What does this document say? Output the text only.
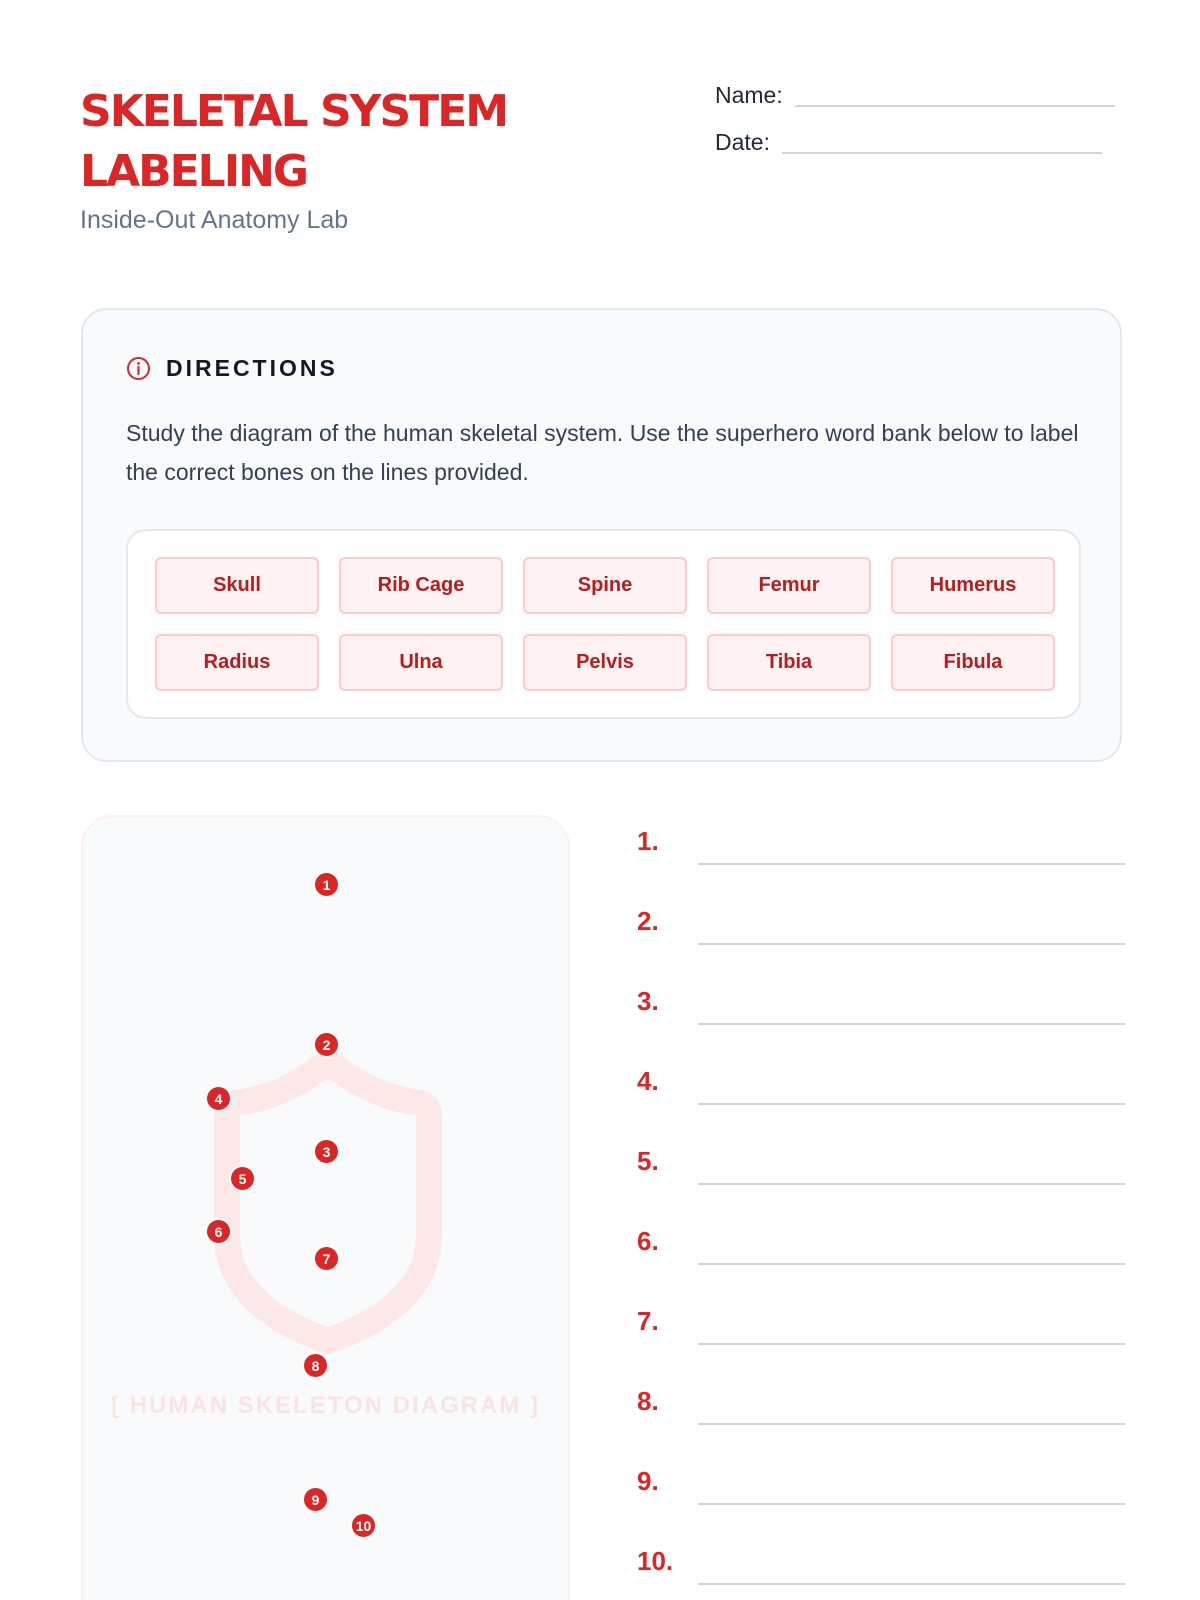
SKELETAL SYSTEM LABELING
Inside-Out Anatomy Lab
Name:
Date:
DIRECTIONS

Study the diagram of the human skeletal system. Use the superhero word bank below to label the correct bones on the lines provided.

Skull	Rib Cage	Spine	Femur	Humerus
Radius	Ulna	Pelvis	Tibia	Fibula
[ HUMAN SKELETON DIAGRAM ]
1
2
3
4
5
6
7
8
9
10
1.
2.
3.
4.
5.
6.
7.
8.
9.
10.
